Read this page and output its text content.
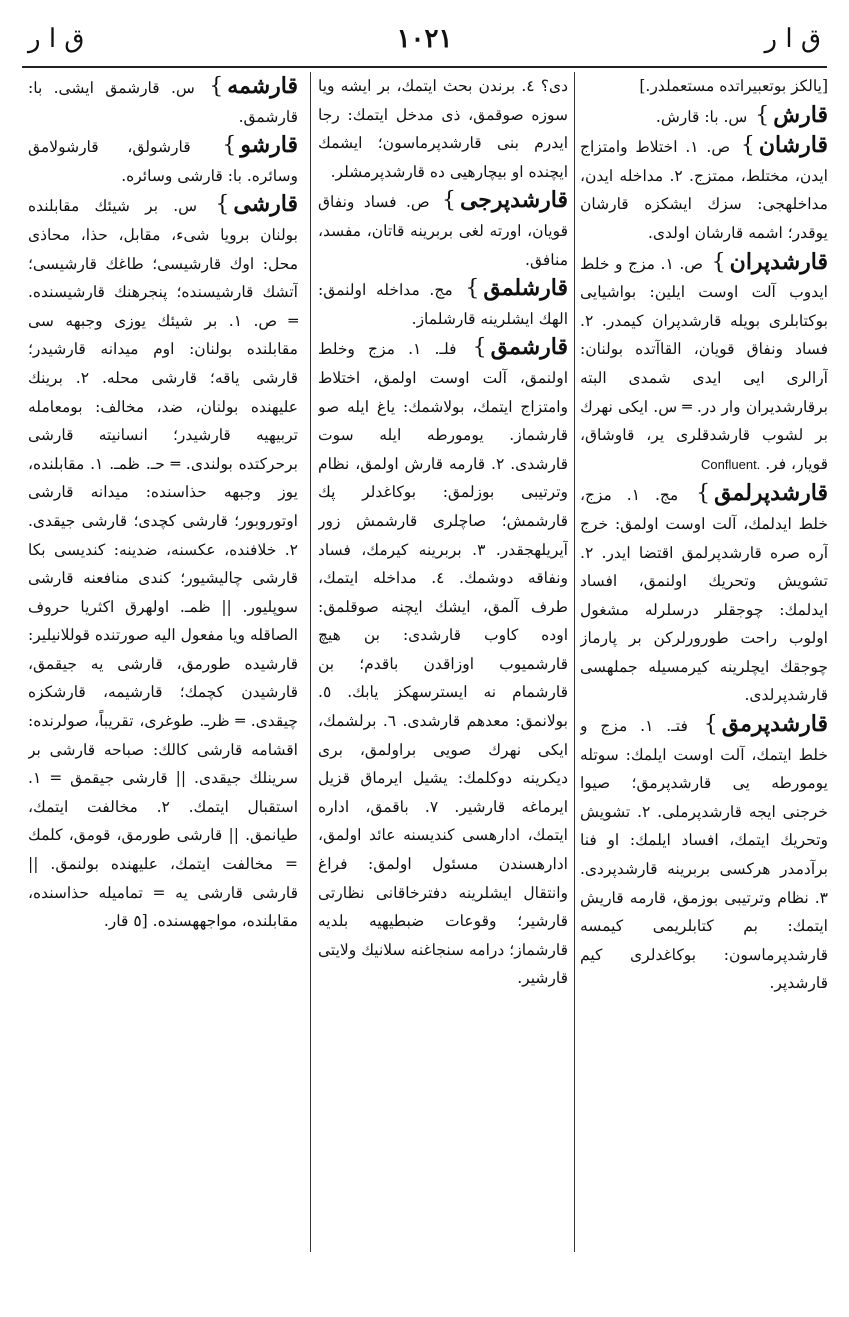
ق ا ر
١٠٢١
ق ا ر

[يالكز بوتعبيراتده مستعملدر.]

قارش} س. با: قارش.

قارشان} ص. ١. اختلاط وامتزاج ايدن، مختلط، ممتزج. ٢. مداخله ايدن، مداخلهجى: سزك ايشكزه قارشان يوقدر؛ اشمه قارشان اولدى.

قارشدپران} ص. ١. مزج و خلط ايدوب آلت اوست ايلين: بواشيايى بوكتابلرى بويله قارشدپران كيمدر. ٢. فساد ونفاق قويان، القاآتده بولنان: آرالرى ايى ايدى شمدى البته برقارشديران وار در. ═ س. ايكى نهرك بر لشوب قارشدقلرى ير، قاوشاق، قويار، فر. Confluent.

قارشدپرلمق} مج. ١. مزج، خلط ايدلمك، آلت اوست اولمق: خرج آره صره قارشدپرلمق اقتضا ايدر. ٢. تشويش وتحريك اولنمق، افساد ايدلمك: چوجقلر درسلرله مشغول اولوب راحت طورورلركن بر پارماز چوجقك ايچلرينه كيرمسيله جملهسى قارشدپرلدى.

قارشدپرمق} فتـ. ١. مزج و خلط ايتمك، آلت اوست ايلمك: سوتله يومورطه يى قارشدپرمق؛ صيوا خرجنى ايجه قارشدپرملى. ٢. تشويش وتحريك ايتمك، افساد ايلمك: او فنا برآدمدر هركسى بربرينه قارشدپردى. ٣. نظام وترتيبى بوزمق، قارمه قاريش ايتمك: بم كتابلريمى كيمسه قارشدپرماسون: بوكاغدلرى كيم قارشدپر.

دى؟ ٤. برندن بحث ايتمك، بر ايشه ويا سوزه صوقمق، ذى مدخل ايتمك: رجا ايدرم بنى قارشدپرماسون؛ ايشمك ايچنده او بيچارهيى ده قارشدپرمشلر.

قارشدپرجى} ص. فساد ونفاق قويان، اورته لغى بربرينه قاتان، مفسد، منافق.

قارشلمق} مج. مداخله اولنمق: الهك ايشلرينه قارشلماز.

قارشمق} فلـ. ١. مزج وخلط اولنمق، آلت اوست اولمق، اختلاط وامتزاج ايتمك، بولاشمك: ياغ ايله صو قارشماز. يومورطه ايله سوت قارشدى. ٢. قارمه قارش اولمق، نظام وترتيبى بوزلمق: بوكاغدلر پك قارشمش؛ صاچلرى قارشمش زور آيريلهجقدر. ٣. بربرينه كيرمك، فساد ونفاقه دوشمك. ٤. مداخله ايتمك، طرف آلمق، ايشك ايچنه صوقلمق: اوده كاوب قارشدى: بن هيچ قارشميوب اوزاقدن باقدم؛ بن قارشمام نه ايسترسهكز يابك. ٥. بولانمق: معدهم قارشدى. ٦. برلشمك، ايكى نهرك صويى براولمق، برى ديكرينه دوكلمك: يشيل ايرماق قزيل ايرماغه قارشير. ٧. باقمق، اداره ايتمك، ادارهسى كنديسنه عائد اولمق، ادارهسندن مسئول اولمق: فراغ وانتقال ايشلرينه دفترخاقانى نظارتى قارشير؛ وقوعات ضبطيهيه بلديه قارشماز؛ درامه سنجاغنه سلانيك ولايتى قارشير.

قارشمه} س. قارشمق ايشى. با: قارشمق.

قارشو} قارشولق، قارشولامق وسائره. با: قارشى وسائره.

قارشى} س. بر شيئك مقابلنده بولنان برويا شىء، مقابل، حذا، محاذى محل: اوك قارشيسى؛ طاغك قارشيسى؛ آتشك قارشيسنده؛ پنجرهنك قارشيسنده. ═ ص. ١. بر شيئك يوزى وجبهه سى مقابلنده بولنان: اوم ميدانه قارشيدر؛ قارشى ياقه؛ قارشى محله. ٢. برينك عليهنده بولنان، ضد، مخالف: بومعامله تربيهيه قارشيدر؛ انسانيته قارشى برحركتده بولندى. ═ حـ. ظمـ. ١. مقابلنده، يوز وجبهه حذاسنده: ميدانه قارشى اوتوروبور؛ قارشى كچدى؛ قارشى جيقدى. ٢. خلافنده، عكسنه، ضدينه: كنديسى بكا قارشى چاليشيور؛ كندى منافعنه قارشى سوپليور. || ظمـ. اولهرق اكثريا حروف الصاقله ويا مفعول اليه صورتنده قوللانيلير: قارشيده طورمق، قارشى يه جيقمق، قارشيدن كچمك؛ قارشيمه، قارشكزه چيقدى. ═ ظرـ. طوغرى، تقريباً، صولرنده: اقشامه قارشى كالك: صباحه قارشى بر سرينلك جيقدى. || قارشى جيقمق = ١. استقبال ايتمك. ٢. مخالفت ايتمك، طيانمق. || قارشى طورمق، قومق، كلمك = مخالفت ايتمك، عليهنده بولنمق. || قارشى قارشى يه = تماميله حذاسنده، مقابلنده، مواجههسنده. [٥ قار.
